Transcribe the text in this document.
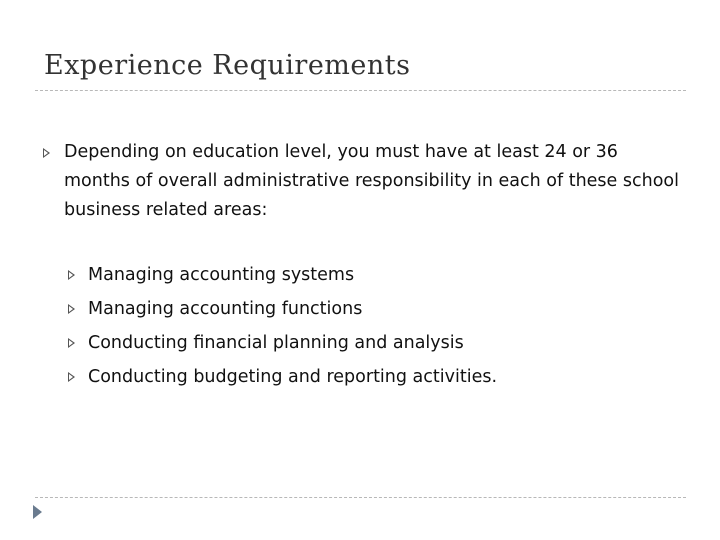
Experience Requirements
Depending on education level, you must have at least 24 or 36 months of overall administrative responsibility in each of these school business related areas:
Managing accounting systems
Managing accounting functions
Conducting financial planning and analysis
Conducting budgeting and reporting activities.
